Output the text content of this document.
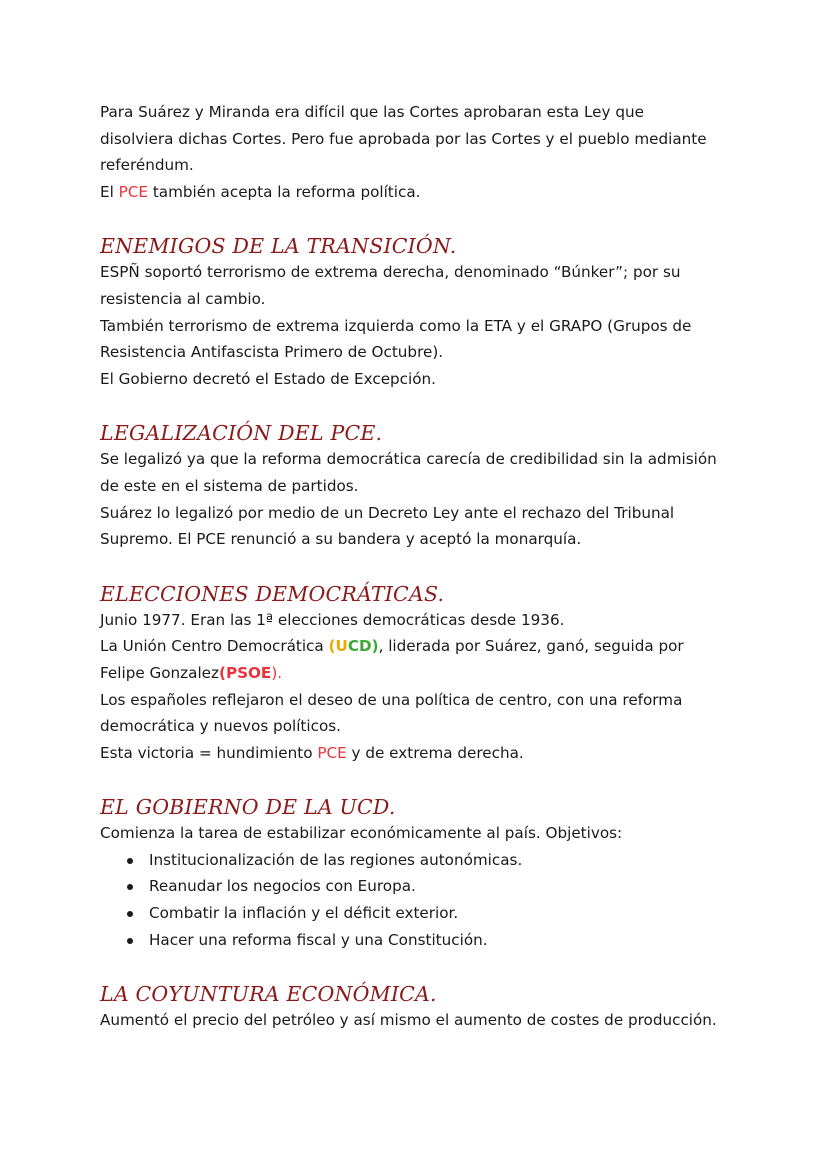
Para Suárez y Miranda era difícil que las Cortes aprobaran esta Ley que
disolviera dichas Cortes. Pero fue aprobada por las Cortes y el pueblo mediante
referéndum.
El PCE también acepta la reforma política.
ENEMIGOS DE LA TRANSICIÓN.
ESPÑ soportó terrorismo de extrema derecha, denominado “Búnker”; por su
resistencia al cambio.
También terrorismo de extrema izquierda como la ETA y el GRAPO (Grupos de
Resistencia Antifascista Primero de Octubre).
El Gobierno decretó el Estado de Excepción.
LEGALIZACIÓN DEL PCE.
Se legalizó ya que la reforma democrática carecía de credibilidad sin la admisión
de este en el sistema de partidos.
Suárez lo legalizó por medio de un Decreto Ley ante el rechazo del Tribunal
Supremo. El PCE renunció a su bandera y aceptó la monarquía.
ELECCIONES DEMOCRÁTICAS.
Junio 1977. Eran las 1ª elecciones democráticas desde 1936.
La Unión Centro Democrática (UCD), liderada por Suárez, ganó, seguida por
Felipe Gonzalez(PSOE).
Los españoles reflejaron el deseo de una política de centro, con una reforma
democrática y nuevos políticos.
Esta victoria = hundimiento PCE y de extrema derecha.
EL GOBIERNO DE LA UCD.
Comienza la tarea de estabilizar económicamente al país. Objetivos:
Institucionalización de las regiones autonómicas.
Reanudar los negocios con Europa.
Combatir la inflación y el déficit exterior.
Hacer una reforma fiscal y una Constitución.
LA COYUNTURA ECONÓMICA.
Aumentó el precio del petróleo y así mismo el aumento de costes de producción.
